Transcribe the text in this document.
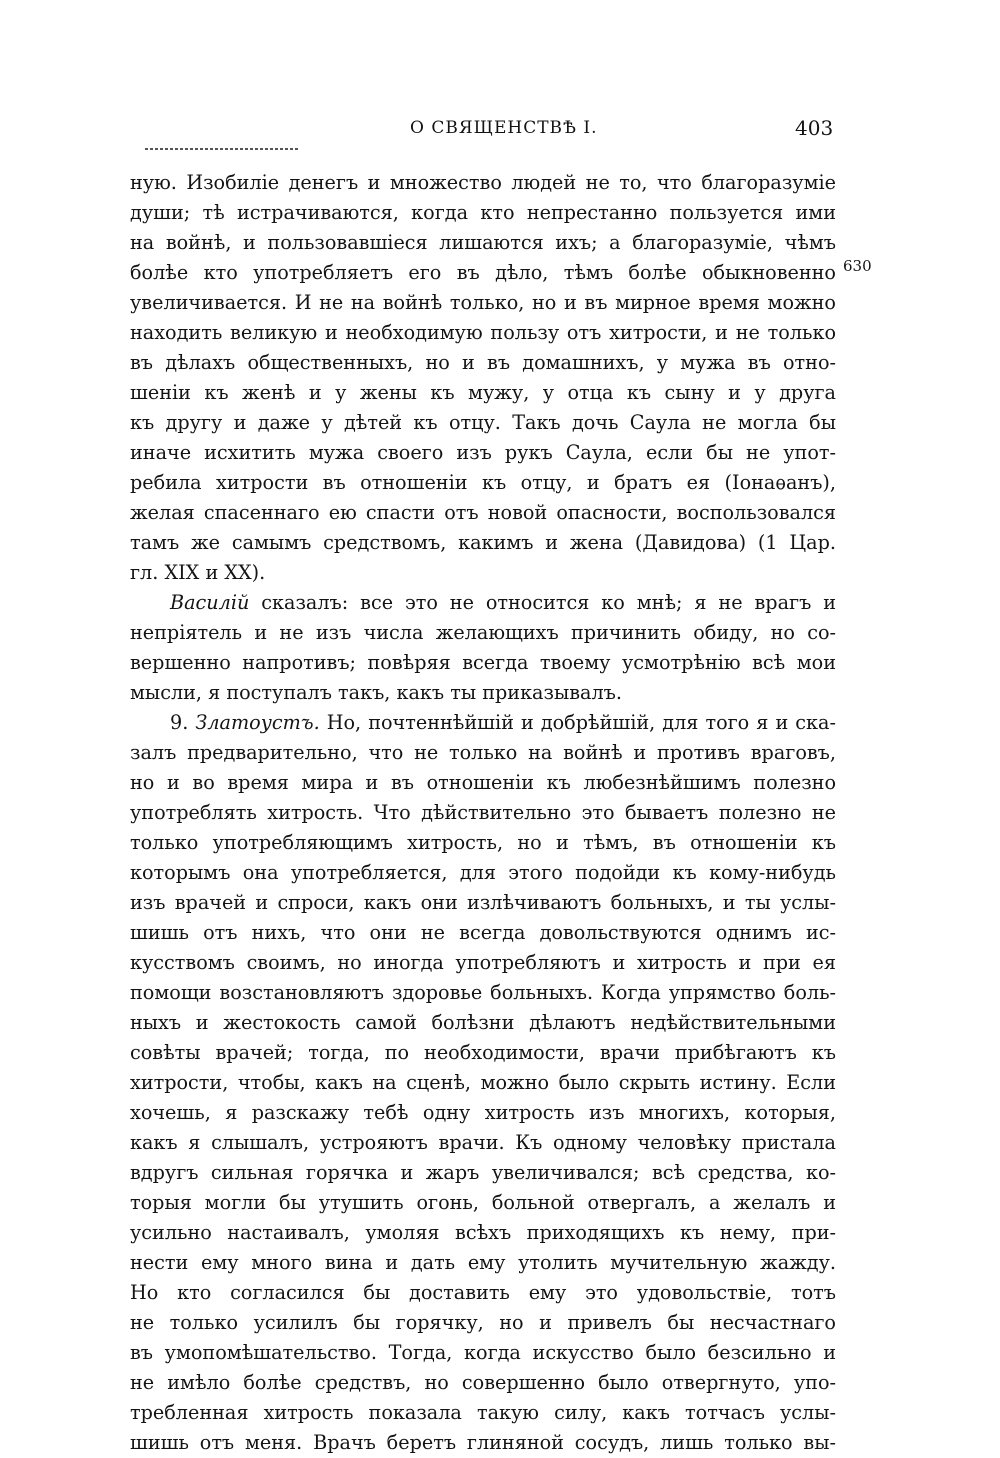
О СВЯЩЕНСТВѢ I.	403
630
ную. Изобиліе денегъ и множество людей не то, что благоразуміе
души; тѣ истрачиваются, когда кто непрестанно пользуется ими
на войнѣ, и пользовавшіеся лишаются ихъ; а благоразуміе, чѣмъ
болѣе кто употребляетъ его въ дѣло, тѣмъ болѣе обыкновенно
увеличивается. И не на войнѣ только, но и въ мирное время можно
находить великую и необходимую пользу отъ хитрости, и не только
въ дѣлахъ общественныхъ, но и въ домашнихъ, у мужа въ отно-
шеніи къ женѣ и у жены къ мужу, у отца къ сыну и у друга
къ другу и даже у дѣтей къ отцу. Такъ дочь Саула не могла бы
иначе исхитить мужа своего изъ рукъ Саула, если бы не упот-
ребила хитрости въ отношеніи къ отцу, и братъ ея (Іонаѳанъ),
желая спасеннаго ею спасти отъ новой опасности, воспользовался
тамъ же самымъ средствомъ, какимъ и жена (Давидова) (1 Цар.
гл. XIX и XX).
Василій сказалъ: все это не относится ко мнѣ; я не врагъ и
непріятель и не изъ числа желающихъ причинить обиду, но со-
вершенно напротивъ; повѣряя всегда твоему усмотрѣнію всѣ мои
мысли, я поступалъ такъ, какъ ты приказывалъ.
9. Златоустъ. Но, почтеннѣйшій и добрѣйшій, для того я и ска-
залъ предварительно, что не только на войнѣ и противъ враговъ,
но и во время мира и въ отношеніи къ любезнѣйшимъ полезно
употреблять хитрость. Что дѣйствительно это бываетъ полезно не
только употребляющимъ хитрость, но и тѣмъ, въ отношеніи къ
которымъ она употребляется, для этого подойди къ кому-нибудь
изъ врачей и спроси, какъ они излѣчиваютъ больныхъ, и ты услы-
шишь отъ нихъ, что они не всегда довольствуются однимъ ис-
кусствомъ своимъ, но иногда употребляютъ и хитрость и при ея
помощи возстановляютъ здоровье больныхъ. Когда упрямство боль-
ныхъ и жестокость самой болѣзни дѣлаютъ недѣйствительными
совѣты врачей; тогда, по необходимости, врачи прибѣгаютъ къ
хитрости, чтобы, какъ на сценѣ, можно было скрыть истину. Если
хочешь, я разскажу тебѣ одну хитрость изъ многихъ, которыя,
какъ я слышалъ, устрояютъ врачи. Къ одному человѣку пристала
вдругъ сильная горячка и жаръ увеличивался; всѣ средства, ко-
торыя могли бы утушить огонь, больной отвергалъ, а желалъ и
усильно настаивалъ, умоляя всѣхъ приходящихъ къ нему, при-
нести ему много вина и дать ему утолить мучительную жажду.
Но кто согласился бы доставить ему это удовольствіе, тотъ
не только усилилъ бы горячку, но и привелъ бы несчастнаго
въ умопомѣшательство. Тогда, когда искусство было безсильно и
не имѣло болѣе средствъ, но совершенно было отвергнуто, упо-
требленная хитрость показала такую силу, какъ тотчасъ услы-
шишь отъ меня. Врачъ беретъ глиняной сосудъ, лишь только вы-
